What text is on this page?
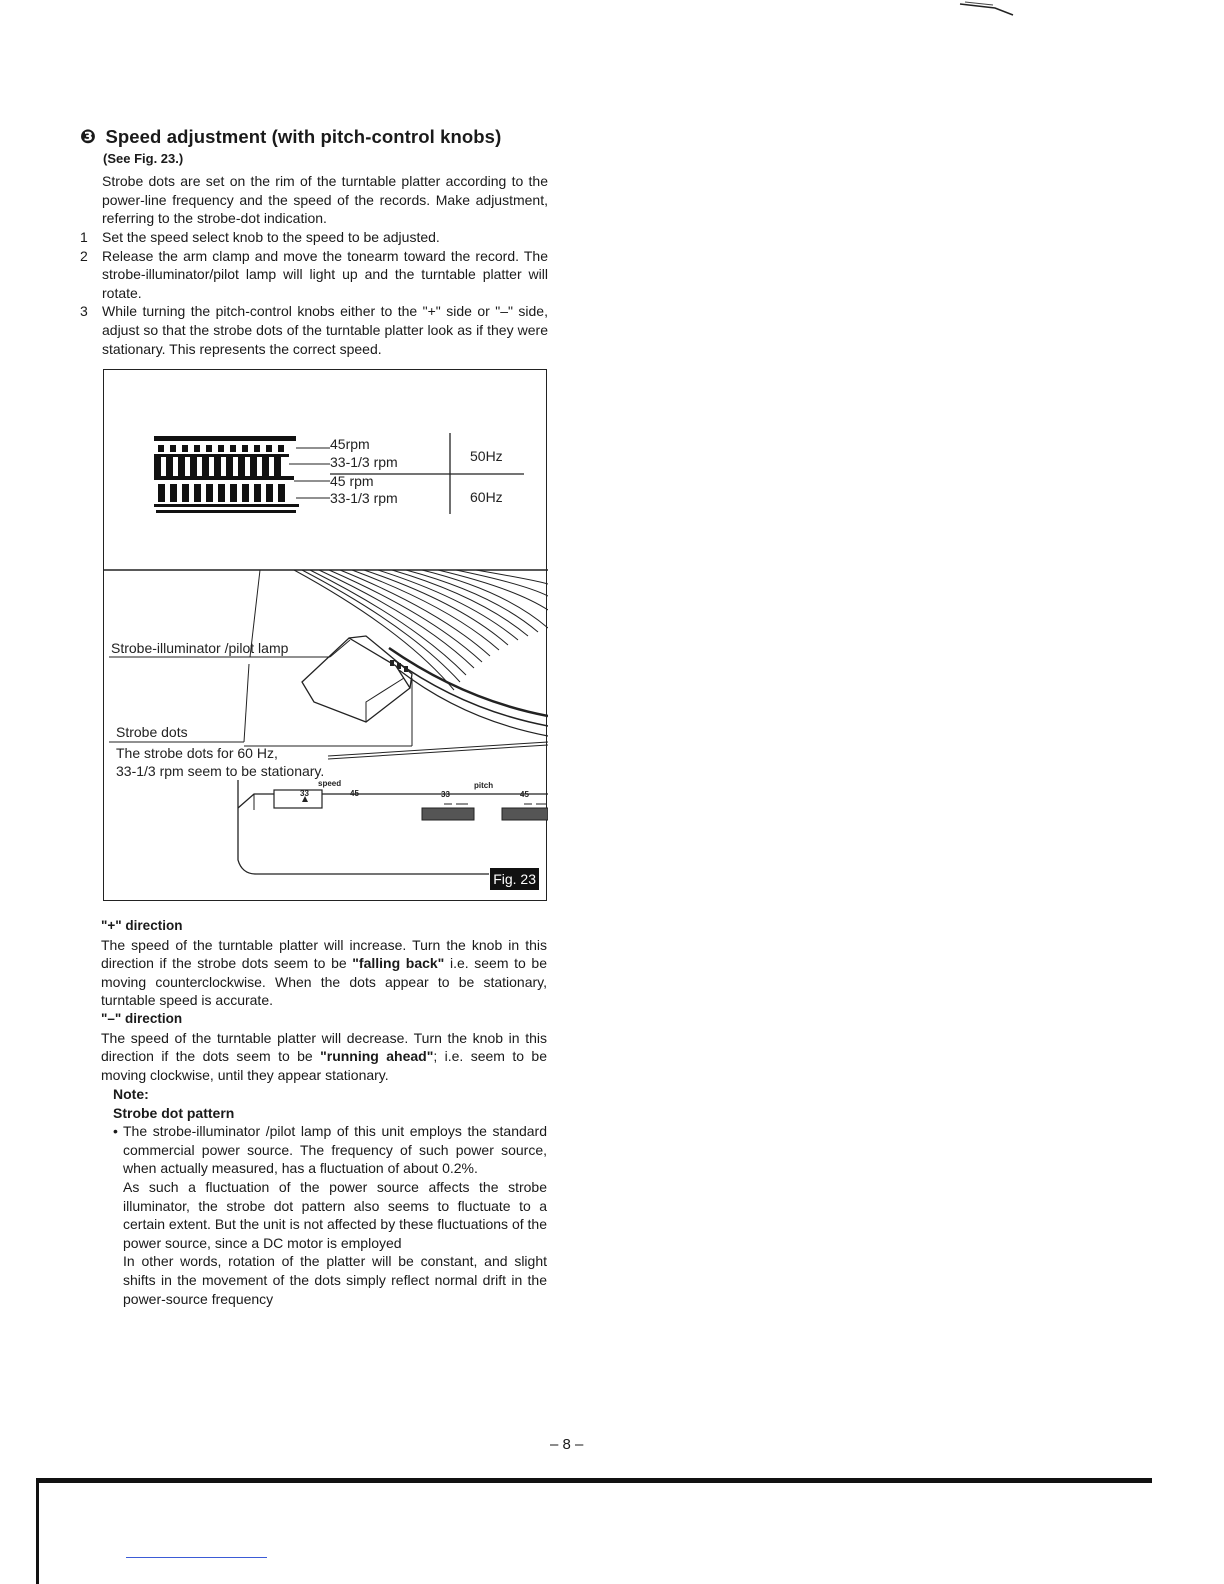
❸ Speed adjustment (with pitch-control knobs)
(See Fig. 23.)

Strobe dots are set on the rim of the turntable platter according to the power-line frequency and the speed of the records. Make adjustment, referring to the strobe-dot indication.

1 Set the speed select knob to the speed to be adjusted.

2 Release the arm clamp and move the tonearm toward the record. The strobe-illuminator/pilot lamp will light up and the turntable platter will rotate.

3 While turning the pitch-control knobs either to the "+" side or "–" side, adjust so that the strobe dots of the turntable platter look as if they were stationary. This represents the correct speed.

45rpm
33-1/3 rpm
45 rpm
33-1/3 rpm
50Hz
60Hz
Strobe-illuminator /pilot lamp
Strobe dots
The strobe dots for 60 Hz,
33-1/3 rpm seem to be stationary.
speed
33	45
pitch
33	45
Fig. 23

"+" direction

The speed of the turntable platter will increase. Turn the knob in this direction if the strobe dots seem to be "falling back" i.e. seem to be moving counterclockwise. When the dots appear to be stationary, turntable speed is accurate.

"–" direction

The speed of the turntable platter will decrease. Turn the knob in this direction if the dots seem to be "running ahead"; i.e. seem to be moving clockwise, until they appear stationary.

Note:

Strobe dot pattern

• The strobe-illuminator /pilot lamp of this unit employs the standard commercial power source. The frequency of such power source, when actually measured, has a fluctuation of about 0.2%.

As such a fluctuation of the power source affects the strobe illuminator, the strobe dot pattern also seems to fluctuate to a certain extent. But the unit is not affected by these fluctuations of the power source, since a DC motor is employed

In other words, rotation of the platter will be constant, and slight shifts in the movement of the dots simply reflect normal drift in the power-source frequency

– 8 –
